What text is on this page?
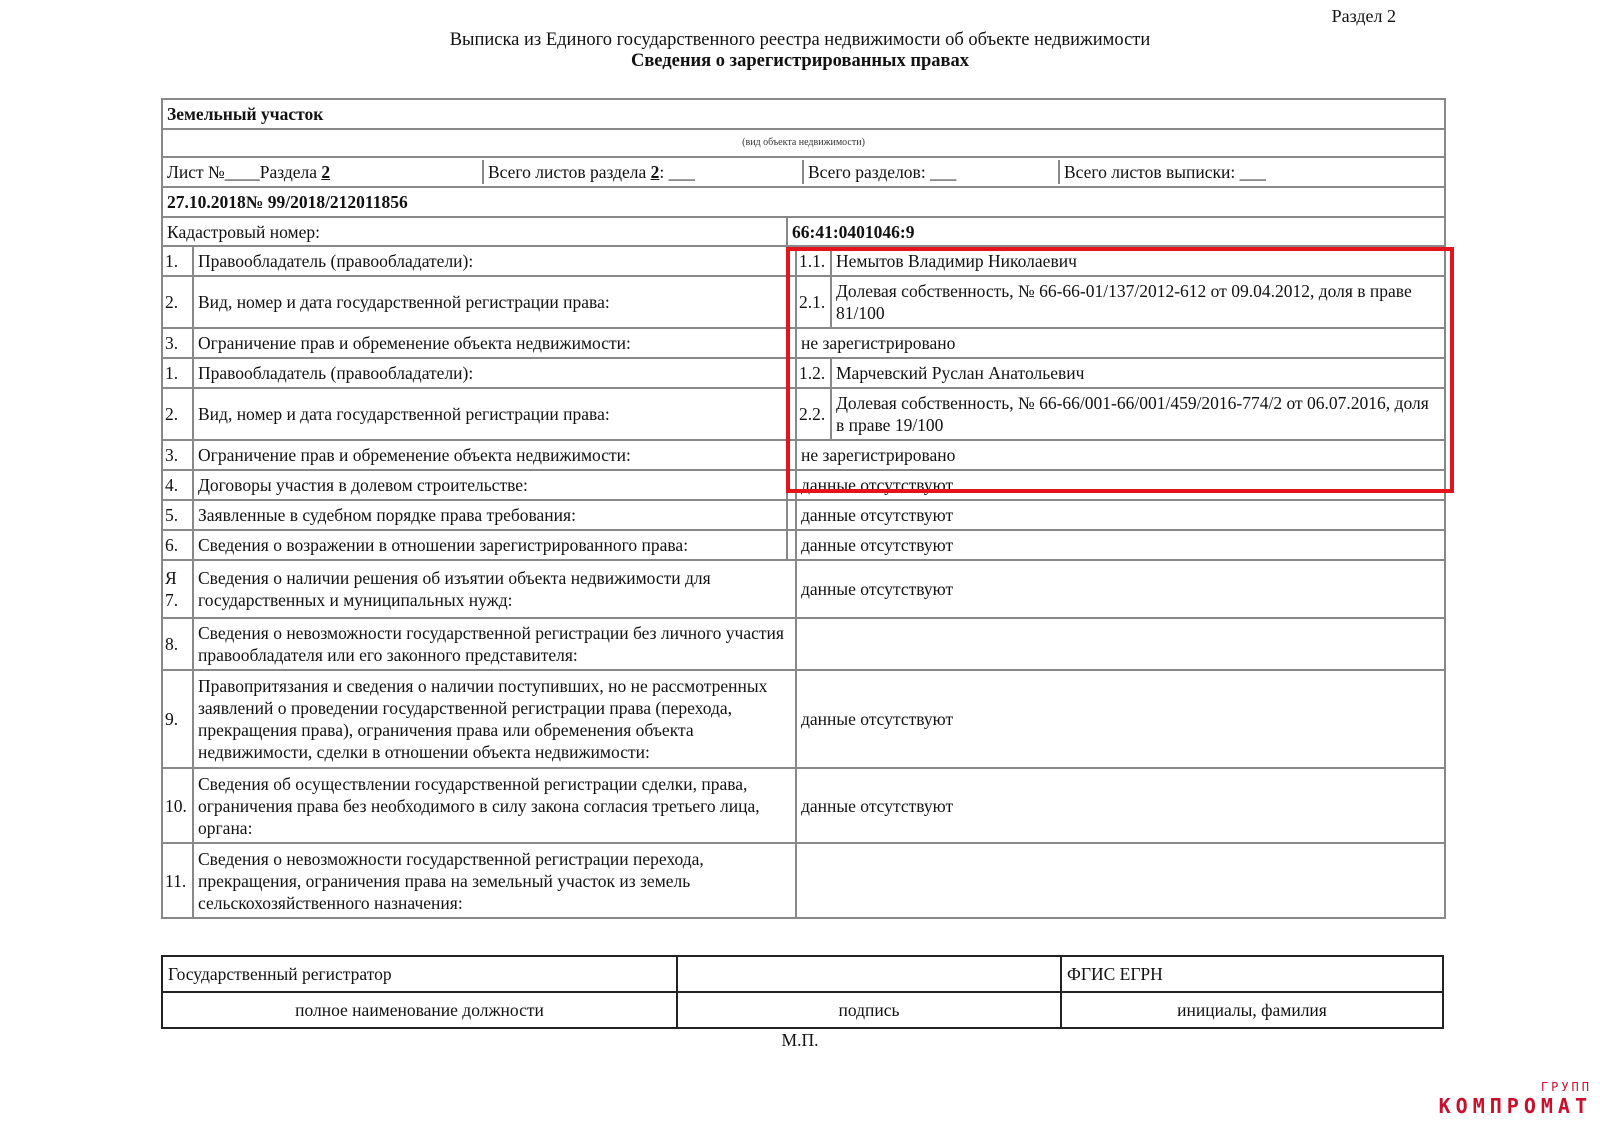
Раздел 2
Выписка из Единого государственного реестра недвижимости об объекте недвижимости
Сведения о зарегистрированных правах
Земельный участок
(вид объекта недвижимости)

Лист №____Раздела 2	Всего листов раздела 2: ___	Всего разделов: ___	Всего листов выписки: ___

27.10.2018№ 99/2018/212011856
Кадастровый номер:	66:41:0401046:9
1.	Правообладатель (правообладатели):		1.1.	Немытов Владимир Николаевич
2.	Вид, номер и дата государственной регистрации права:		2.1.	Долевая собственность, № 66-66-01/137/2012-612 от 09.04.2012, доля в праве 81/100
3.	Ограничение прав и обременение объекта недвижимости:		не зарегистрировано
1.	Правообладатель (правообладатели):		1.2.	Марчевский Руслан Анатольевич
2.	Вид, номер и дата государственной регистрации права:		2.2.	Долевая собственность, № 66-66/001-66/001/459/2016-774/2 от 06.07.2016, доля в праве 19/100
3.	Ограничение прав и обременение объекта недвижимости:		не зарегистрировано
4.	Договоры участия в долевом строительстве:		данные отсутствуют
5.	Заявленные в судебном порядке права требования:		данные отсутствуют
6.	Сведения о возражении в отношении зарегистрированного права:		данные отсутствуют
Я 7.	Сведения о наличии решения об изъятии объекта недвижимости для государственных и муниципальных нужд:	данные отсутствуют
8.	Сведения о невозможности государственной регистрации без личного участия правообладателя или его законного представителя:	
9.	Правопритязания и сведения о наличии поступивших, но не рассмотренных заявлений о проведении государственной регистрации права (перехода, прекращения права), ограничения права или обременения объекта недвижимости, сделки в отношении объекта недвижимости:	данные отсутствуют
10.	Сведения об осуществлении государственной регистрации сделки, права, ограничения права без необходимого в силу закона согласия третьего лица, органа:	данные отсутствуют
11.	Сведения о невозможности государственной регистрации перехода, прекращения, ограничения права на земельный участок из земель сельскохозяйственного назначения:	
Государственный регистратор		ФГИС ЕГРН
полное наименование должности	подпись	инициалы, фамилия
М.П.
ГРУПП
КОМПРОМАТ
